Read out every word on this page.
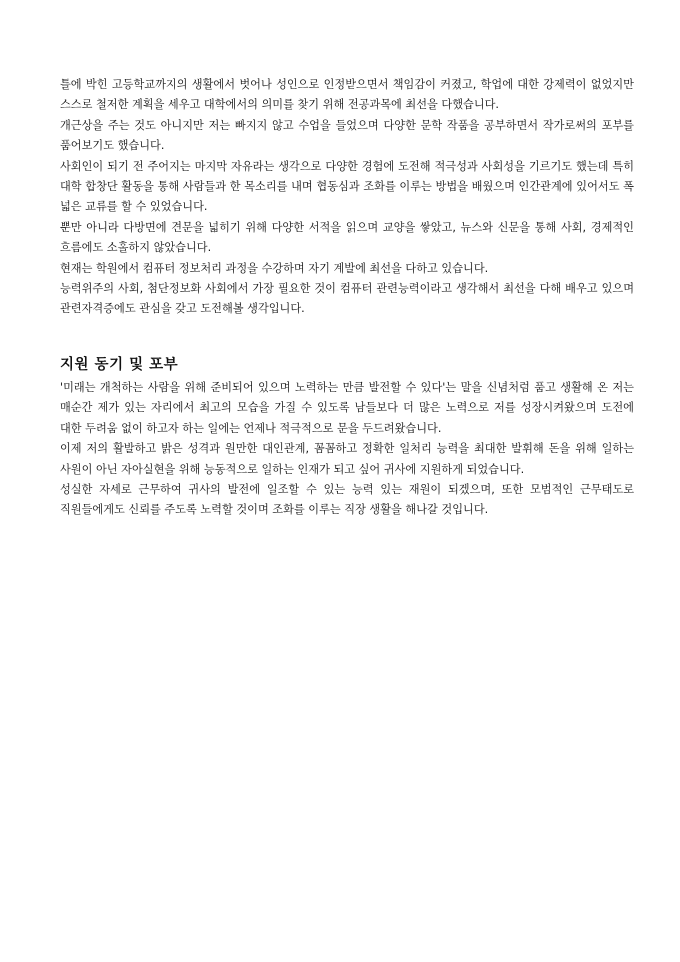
틀에 박힌 고등학교까지의 생활에서 벗어나 성인으로 인정받으면서 책임감이 커졌고, 학업에 대한 강제력이 없었지만 스스로 철저한 계획을 세우고 대학에서의 의미를 찾기 위해 전공과목에 최선을 다했습니다.

개근상을 주는 것도 아니지만 저는 빠지지 않고 수업을 들었으며 다양한 문학 작품을 공부하면서 작가로써의 포부를 품어보기도 했습니다.

사회인이 되기 전 주어지는 마지막 자유라는 생각으로 다양한 경험에 도전해 적극성과 사회성을 기르기도 했는데 특히 대학 합창단 활동을 통해 사람들과 한 목소리를 내며 협동심과 조화를 이루는 방법을 배웠으며 인간관계에 있어서도 폭 넓은 교류를 할 수 있었습니다.

뿐만 아니라 다방면에 견문을 넓히기 위해 다양한 서적을 읽으며 교양을 쌓았고, 뉴스와 신문을 통해 사회, 경제적인 흐름에도 소홀하지 않았습니다.

현재는 학원에서 컴퓨터 정보처리 과정을 수강하며 자기 계발에 최선을 다하고 있습니다.

능력위주의 사회, 첨단정보화 사회에서 가장 필요한 것이 컴퓨터 관련능력이라고 생각해서 최선을 다해 배우고 있으며 관련자격증에도 관심을 갖고 도전해볼 생각입니다.

지원 동기 및 포부

'미래는 개척하는 사람을 위해 준비되어 있으며 노력하는 만큼 발전할 수 있다'는 말을 신념처럼 품고 생활해 온 저는 매순간 제가 있는 자리에서 최고의 모습을 가질 수 있도록 남들보다 더 많은 노력으로 저를 성장시켜왔으며 도전에 대한 두려움 없이 하고자 하는 일에는 언제나 적극적으로 문을 두드려왔습니다.

이제 저의 활발하고 밝은 성격과 원만한 대인관계, 꼼꼼하고 정확한 일처리 능력을 최대한 발휘해 돈을 위해 일하는 사원이 아닌 자아실현을 위해 능동적으로 일하는 인재가 되고 싶어 귀사에 지원하게 되었습니다.

성실한 자세로 근무하여 귀사의 발전에 일조할 수 있는 능력 있는 재원이 되겠으며, 또한 모범적인 근무태도로 직원들에게도 신뢰를 주도록 노력할 것이며 조화를 이루는 직장 생활을 해나갈 것입니다.
